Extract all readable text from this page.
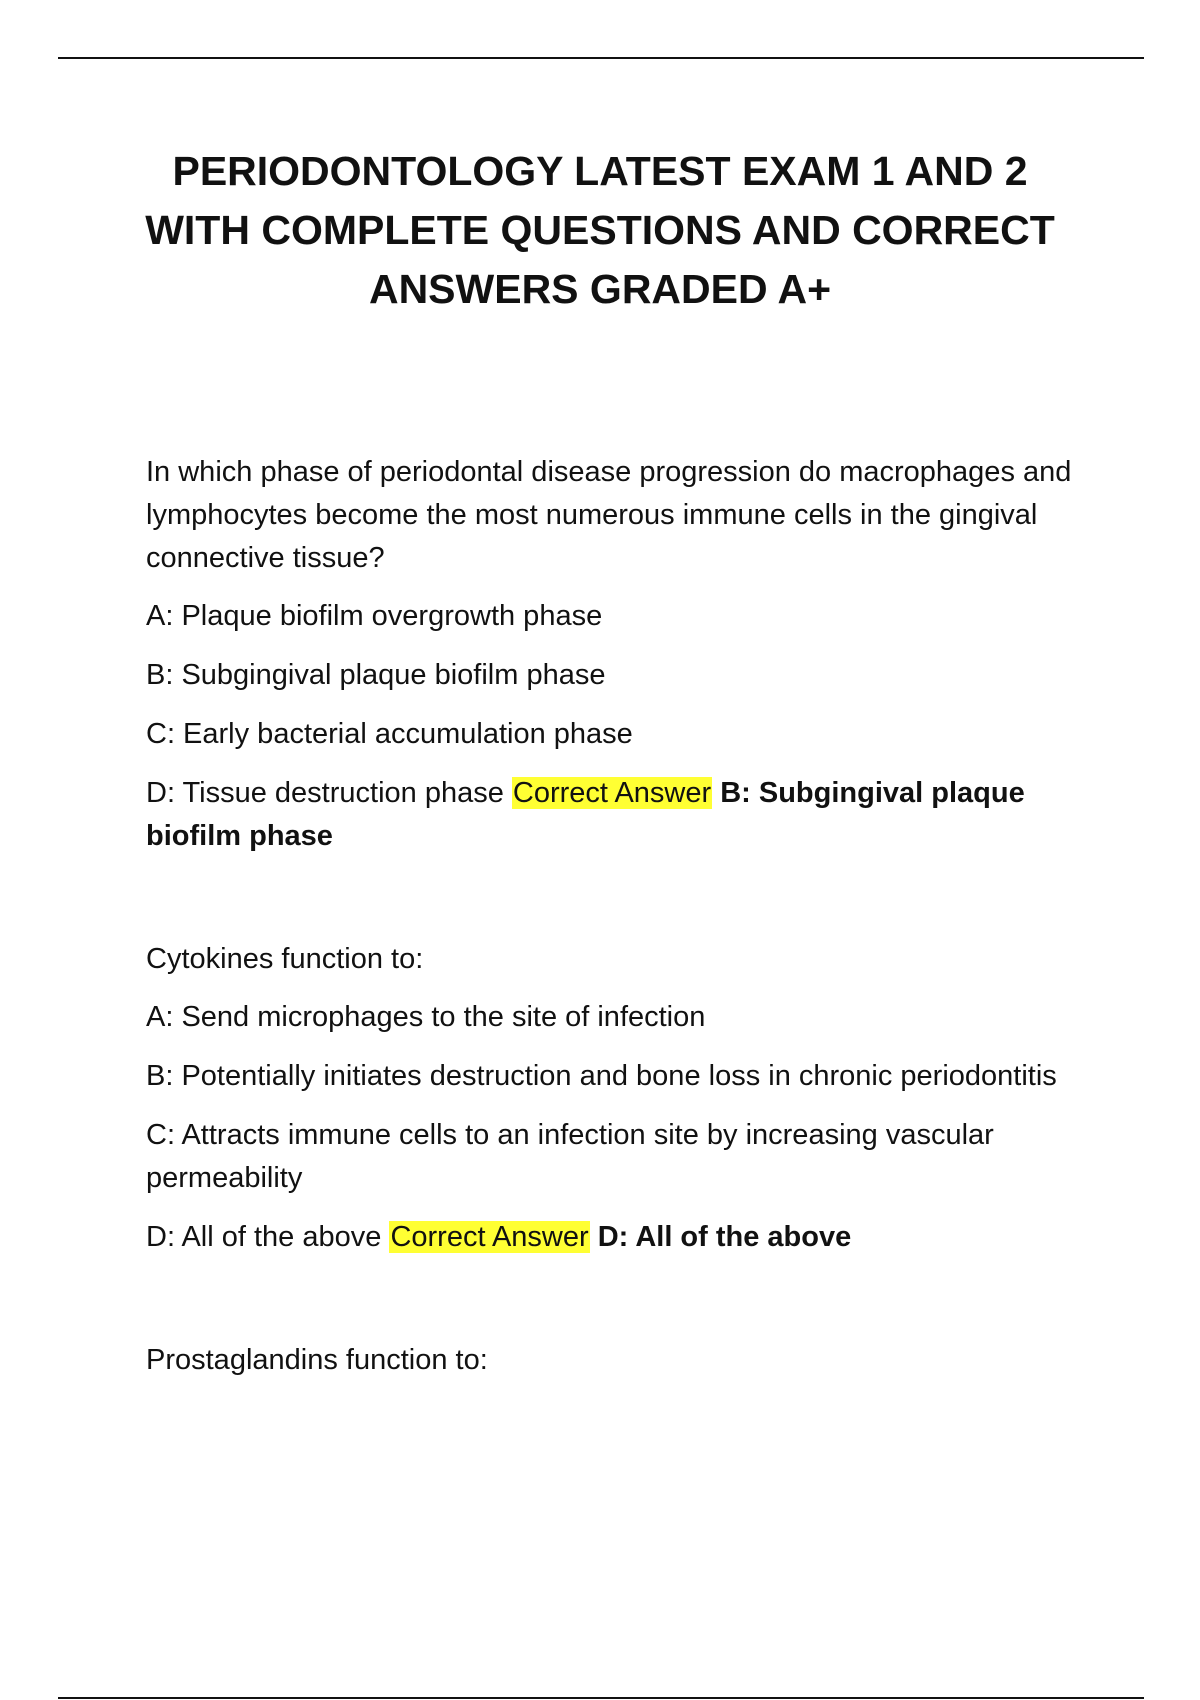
PERIODONTOLOGY LATEST EXAM 1 AND 2 WITH COMPLETE QUESTIONS AND CORRECT ANSWERS GRADED A+

In which phase of periodontal disease progression do macrophages and lymphocytes become the most numerous immune cells in the gingival connective tissue?

A: Plaque biofilm overgrowth phase

B: Subgingival plaque biofilm phase

C: Early bacterial accumulation phase

D: Tissue destruction phase Correct Answer B: Subgingival plaque biofilm phase

Cytokines function to:

A: Send microphages to the site of infection

B: Potentially initiates destruction and bone loss in chronic periodontitis

C: Attracts immune cells to an infection site by increasing vascular permeability

D: All of the above Correct Answer D: All of the above

Prostaglandins function to:
